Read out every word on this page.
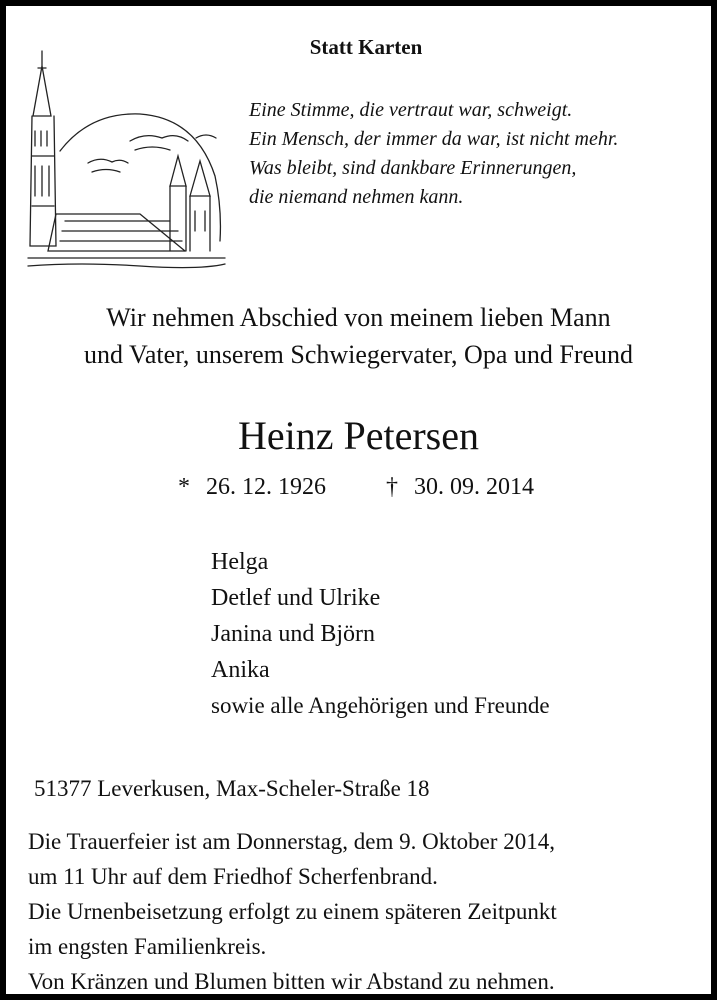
Statt Karten
Eine Stimme, die vertraut war, schweigt.
Ein Mensch, der immer da war, ist nicht mehr.
Was bleibt, sind dankbare Erinnerungen,
die niemand nehmen kann.
Wir nehmen Abschied von meinem lieben Mann
und Vater, unserem Schwiegervater, Opa und Freund
Heinz Petersen
* 26. 12. 1926	† 30. 09. 2014
Helga
Detlef und Ulrike
Janina und Björn
Anika
sowie alle Angehörigen und Freunde
51377 Leverkusen, Max-Scheler-Straße 18
Die Trauerfeier ist am Donnerstag, dem 9. Oktober 2014,
um 11 Uhr auf dem Friedhof Scherfenbrand.
Die Urnenbeisetzung erfolgt zu einem späteren Zeitpunkt
im engsten Familienkreis.
Von Kränzen und Blumen bitten wir Abstand zu nehmen.
